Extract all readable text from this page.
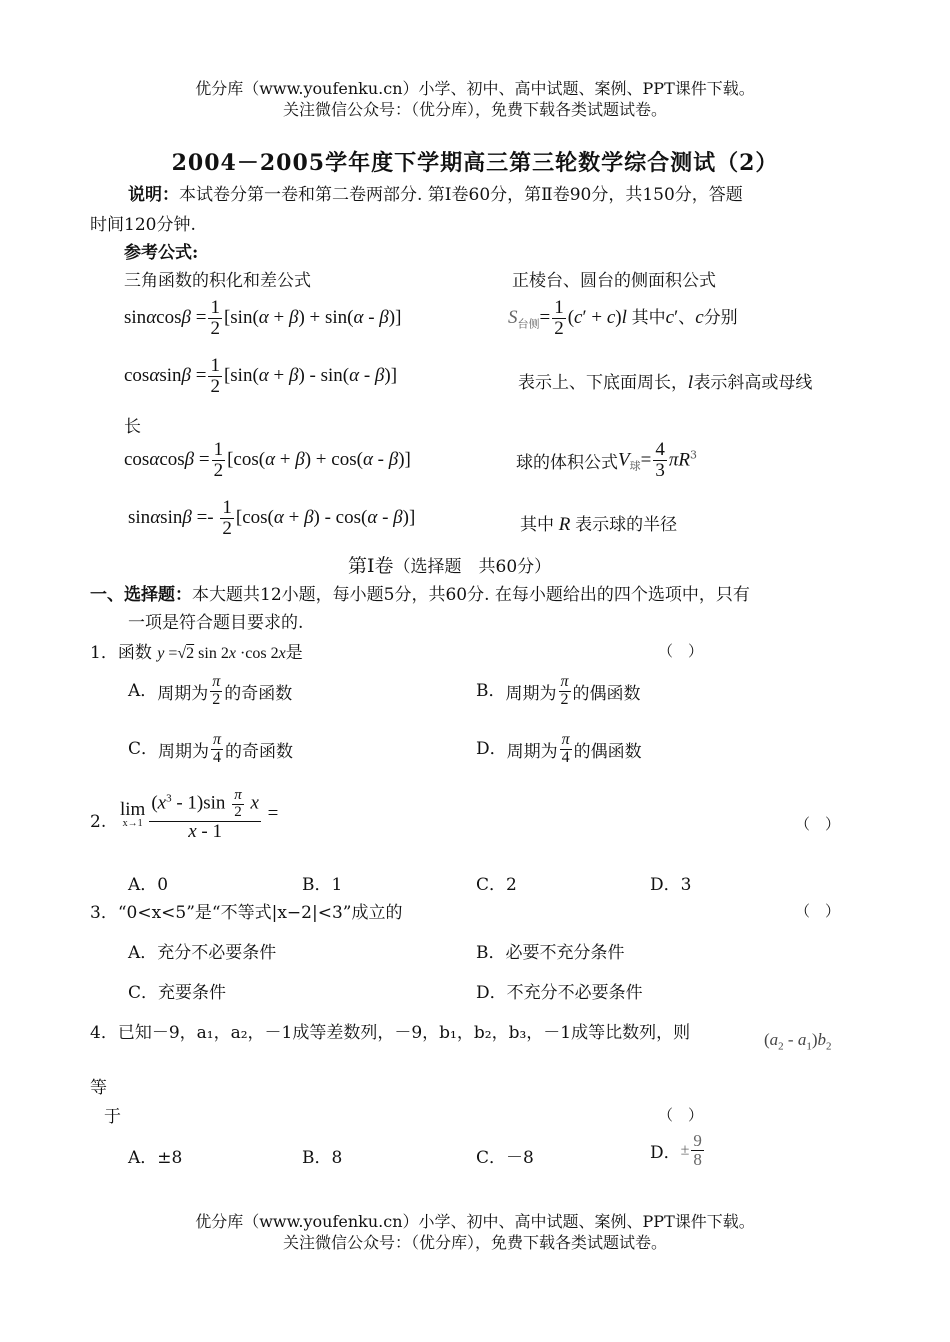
优分库（www.youfenku.cn）小学、初中、高中试题、案例、PPT课件下载。
关注微信公众号：（优分库），免费下载各类试题试卷。
2004－2005学年度下学期高三第三轮数学综合测试（2）
说明：本试卷分第一卷和第二卷两部分. 第Ⅰ卷60分，第Ⅱ卷90分，共150分，答题
时间120分钟.
参考公式:
三角函数的积化和差公式	正棱台、圆台的侧面积公式
$\sin\alpha\cos\beta = \frac{1}{2} [\sin(\alpha + \beta) + \sin(\alpha - \beta)]$	$S_{台侧}= \frac{1}{2} (c' + c)l$ 其中c′、c分别
$\cos\alpha\sin\beta = \frac{1}{2} [\sin(\alpha + \beta) - \sin(\alpha - \beta)]$	表示上、下底面周长，l表示斜高或母线
长
$\cos\alpha\cos\beta = \frac{1}{2} [\cos(\alpha + \beta) + \cos(\alpha - \beta)]$	球的体积公式$V_球= \frac{4}{3} \pi R^3$
$\sin\alpha\sin\beta =- \frac{1}{2} [\cos(\alpha + \beta) - \cos(\alpha - \beta)]$	其中 R 表示球的半径
第Ⅰ卷（选择题　共60分）
一、选择题：本大题共12小题，每小题5分，共60分. 在每小题给出的四个选项中，只有
一项是符合题目要求的.
1．函数 y =√2 sin 2x ·cos 2x是	（　）
A．周期为 $\frac{\pi}{2}$ 的奇函数	B．周期为 $\frac{\pi}{2}$ 的偶函数
C．周期为 $\frac{\pi}{4}$ 的奇函数	D．周期为 $\frac{\pi}{4}$ 的偶函数
2.
lim
$x\to 1 \frac{(x^3 - 1)\sin \frac{\pi}{2} x}{x - 1}$ =	（　）
A．0	B．1	C．2	D．3
3．“0<x<5”是“不等式|x−2|<3”成立的	（　）
A．充分不必要条件	B．必要不充分条件
C．充要条件	D．不充分不必要条件
4．已知－9，a₁，a₂，－1成等差数列，－9，b₁，b₂，b₃，－1成等比数列，则	$(a_2 - a_1)b_2$
等
于	（　）
A．±8	B．8	C．－8	D．± $\frac{9}{8}$
优分库（www.youfenku.cn）小学、初中、高中试题、案例、PPT课件下载。
关注微信公众号：（优分库），免费下载各类试题试卷。
